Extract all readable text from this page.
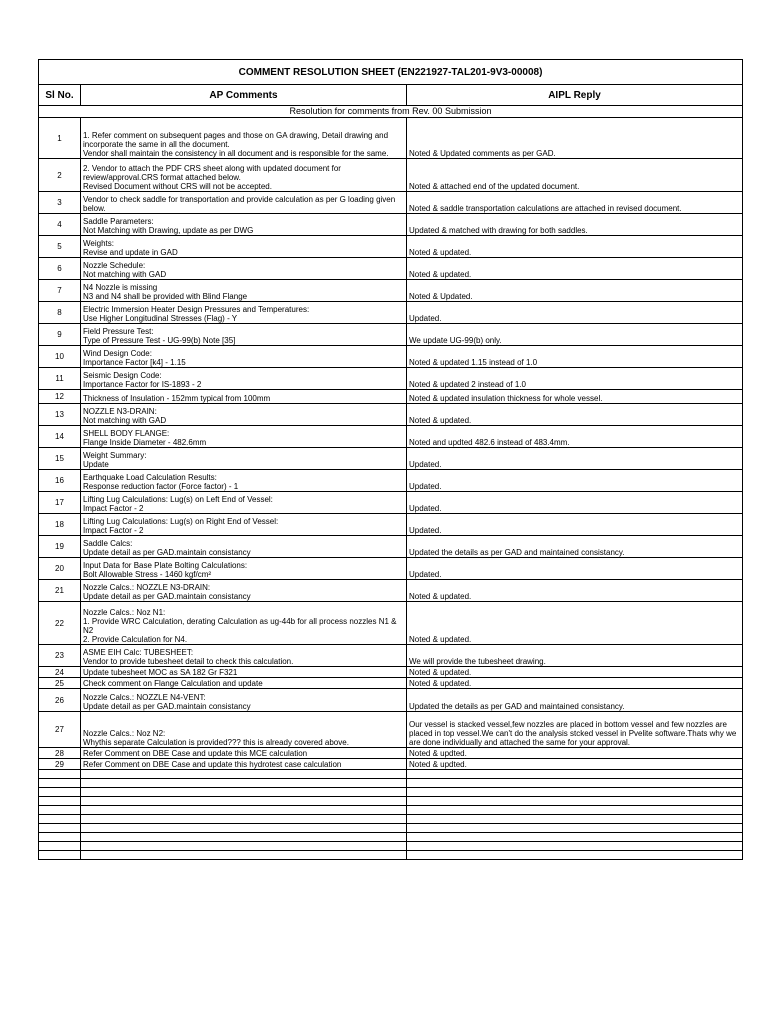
COMMENT RESOLUTION SHEET (EN221927-TAL201-9V3-00008)		
Sl No.	AP Comments	AIPL Reply
Resolution for comments from Rev. 00 Submission		
1	1. Refer comment on subsequent pages and those on GA drawing, Detail drawing and incorporate the same in all the document.
Vendor shall maintain the consistency in all document and is responsible for the same.	Noted & Updated comments as per GAD.
2	2. Vendor to attach the PDF CRS sheet along with updated document for review/approval.CRS format attached below.
Revised Document without CRS will not be accepted.	Noted & attached end of the updated document.
3	Vendor to check saddle for transportation and provide calculation as per G loading given below.	Noted & saddle transportation calculations are attached in revised document.
4	Saddle Parameters:
Not Matching with Drawing, update as per DWG	Updated & matched with drawing for both saddles.
5	Weights:
Revise and update in GAD	Noted & updated.
6	Nozzle Schedule:
Not matching with GAD	Noted & updated.
7	N4 Nozzle is missing
N3 and N4 shall be provided with Blind Flange	Noted & Updated.
8	Electric Immersion Heater Design Pressures and Temperatures:
Use Higher Longitudinal Stresses (Flag) - Y	Updated.
9	Field Pressure Test:
Type of Pressure Test - UG-99(b) Note [35]	We update UG-99(b) only.
10	Wind Design Code:
Importance Factor [k4] - 1.15	Noted & updated 1.15 instead of 1.0
11	Seismic Design Code:
Importance Factor for IS-1893 - 2	Noted & updated 2 instead of 1.0
12	Thickness of Insulation - 152mm typical from 100mm	Noted & updated insulation thickness for whole vessel.
13	NOZZLE N3-DRAIN:
Not matching with GAD	Noted & updated.
14	SHELL BODY FLANGE:
Flange Inside Diameter - 482.6mm	Noted and updted 482.6 instead of 483.4mm.
15	Weight Summary:
Update	Updated.
16	Earthquake Load Calculation Results:
Response reduction factor (Force factor) - 1	Updated.
17	Lifting Lug Calculations: Lug(s) on Left End of Vessel:
Impact Factor - 2	Updated.
18	Lifting Lug Calculations: Lug(s) on Right End of Vessel:
Impact Factor - 2	Updated.
19	Saddle Calcs:
Update detail as per GAD.maintain consistancy	Updated the details as per GAD and maintained consistancy.
20	Input Data for Base Plate Bolting Calculations:
Bolt Allowable Stress - 1460 kgf/cm²	Updated.
21	Nozzle Calcs.: NOZZLE N3-DRAIN:
Update detail as per GAD.maintain consistancy	Noted & updated.
22	Nozzle Calcs.: Noz N1:
1. Provide WRC Calculation, derating Calculation as ug-44b for all process nozzles N1 & N2
2. Provide Calculation for N4.	Noted & updated.
23	ASME EIH Calc: TUBESHEET:
Vendor to provide tubesheet detail to check this calculation.	We will provide the tubesheet drawing.
24	Update tubesheet MOC as SA 182 Gr F321	Noted & updated.
25	Check comment on Flange Calculation and update	Noted & updated.
26	Nozzle Calcs.: NOZZLE N4-VENT:
Update detail as per GAD.maintain consistancy	Updated the details as per GAD and maintained consistancy.
27	Nozzle Calcs.: Noz N2:
Whythis separate Calculation is provided??? this is already covered above.	Our vessel is stacked vessel,few nozzles are placed in bottom vessel and few nozzles are placed in top vessel.We can't do the analysis stcked vessel in Pvelite software.Thats why we are done individually and attached the same for your approval.
28	Refer Comment on DBE Case and update this MCE calculation	Noted & updted.
29	Refer Comment on DBE Case and update this hydrotest case calculation	Noted & updted.
